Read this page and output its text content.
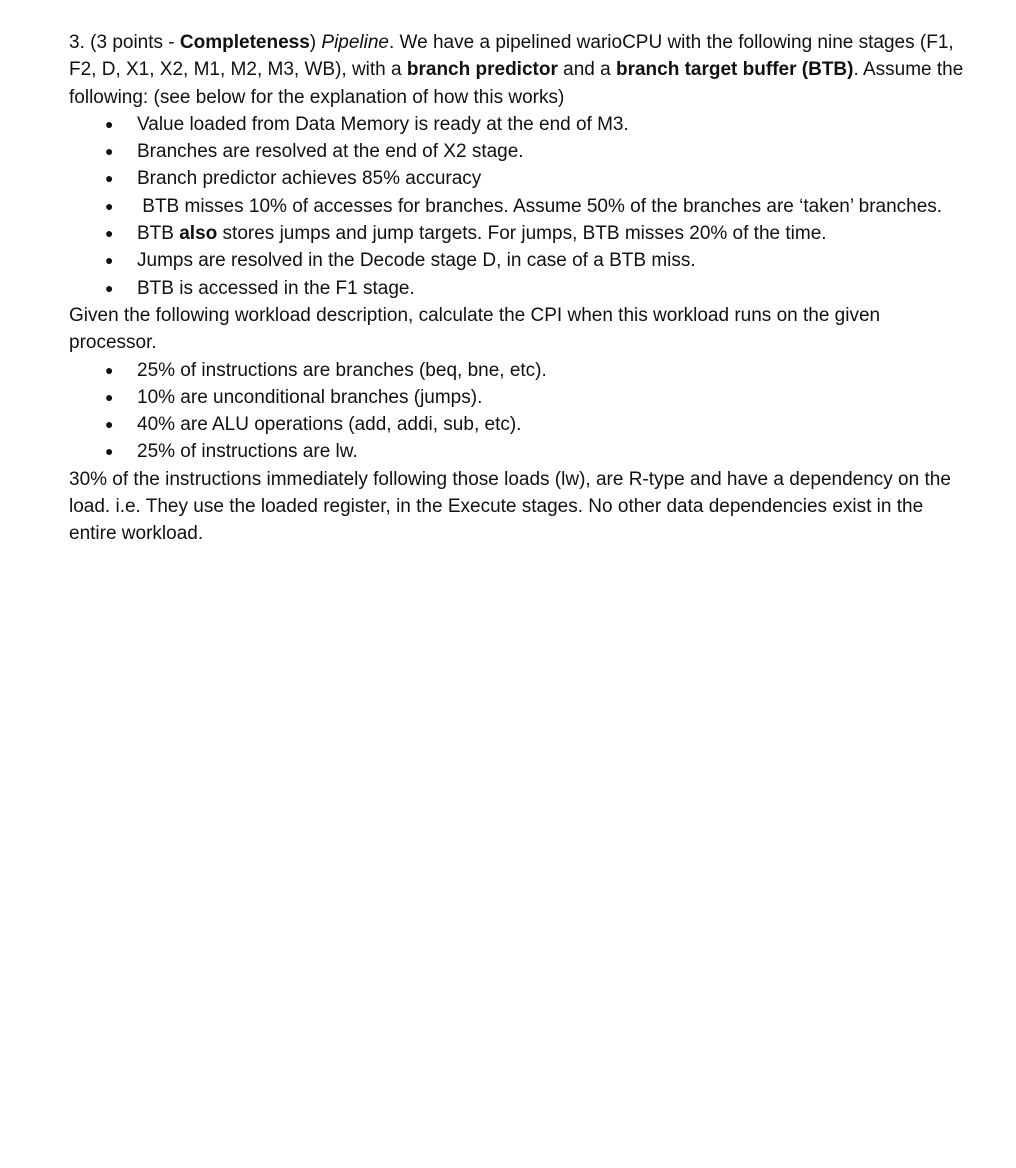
3. (3 points - Completeness) Pipeline. We have a pipelined warioCPU with the following nine stages (F1, F2, D, X1, X2, M1, M2, M3, WB), with a branch predictor and a branch target buffer (BTB). Assume the following: (see below for the explanation of how this works)

● Value loaded from Data Memory is ready at the end of M3.
● Branches are resolved at the end of X2 stage.
● Branch predictor achieves 85% accuracy
● BTB misses 10% of accesses for branches. Assume 50% of the branches are ‘taken’ branches.
● BTB also stores jumps and jump targets. For jumps, BTB misses 20% of the time.
● Jumps are resolved in the Decode stage D, in case of a BTB miss.
● BTB is accessed in the F1 stage.

Given the following workload description, calculate the CPI when this workload runs on the given processor.

● 25% of instructions are branches (beq, bne, etc).
● 10% are unconditional branches (jumps).
● 40% are ALU operations (add, addi, sub, etc).
● 25% of instructions are lw.

30% of the instructions immediately following those loads (lw), are R-type and have a dependency on the load. i.e. They use the loaded register, in the Execute stages. No other data dependencies exist in the entire workload.
